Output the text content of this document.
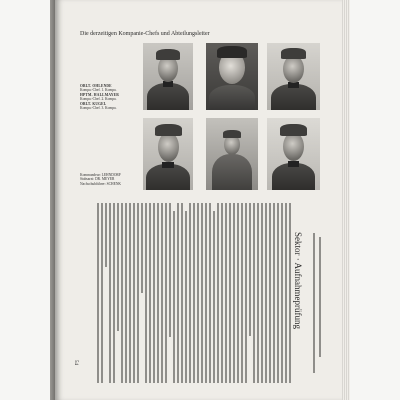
Die derzeitigen Kompanie-Chefs und Abteilungsleiter
OBLT. OHLENDE
Kompa.-Chef. 1. Kompa.
HPTM. HALLMAYER
Kompa.-Chef. 2. Kompa.
OBLT. KUGEL
Kompa.-Chef. 3. Kompa.
Kommandeur: LEHNDORF
Stabsarzt: DR. MEYER
Nachschubführer: SCHENK
Sektor · Aufnahmeprüfung
54
